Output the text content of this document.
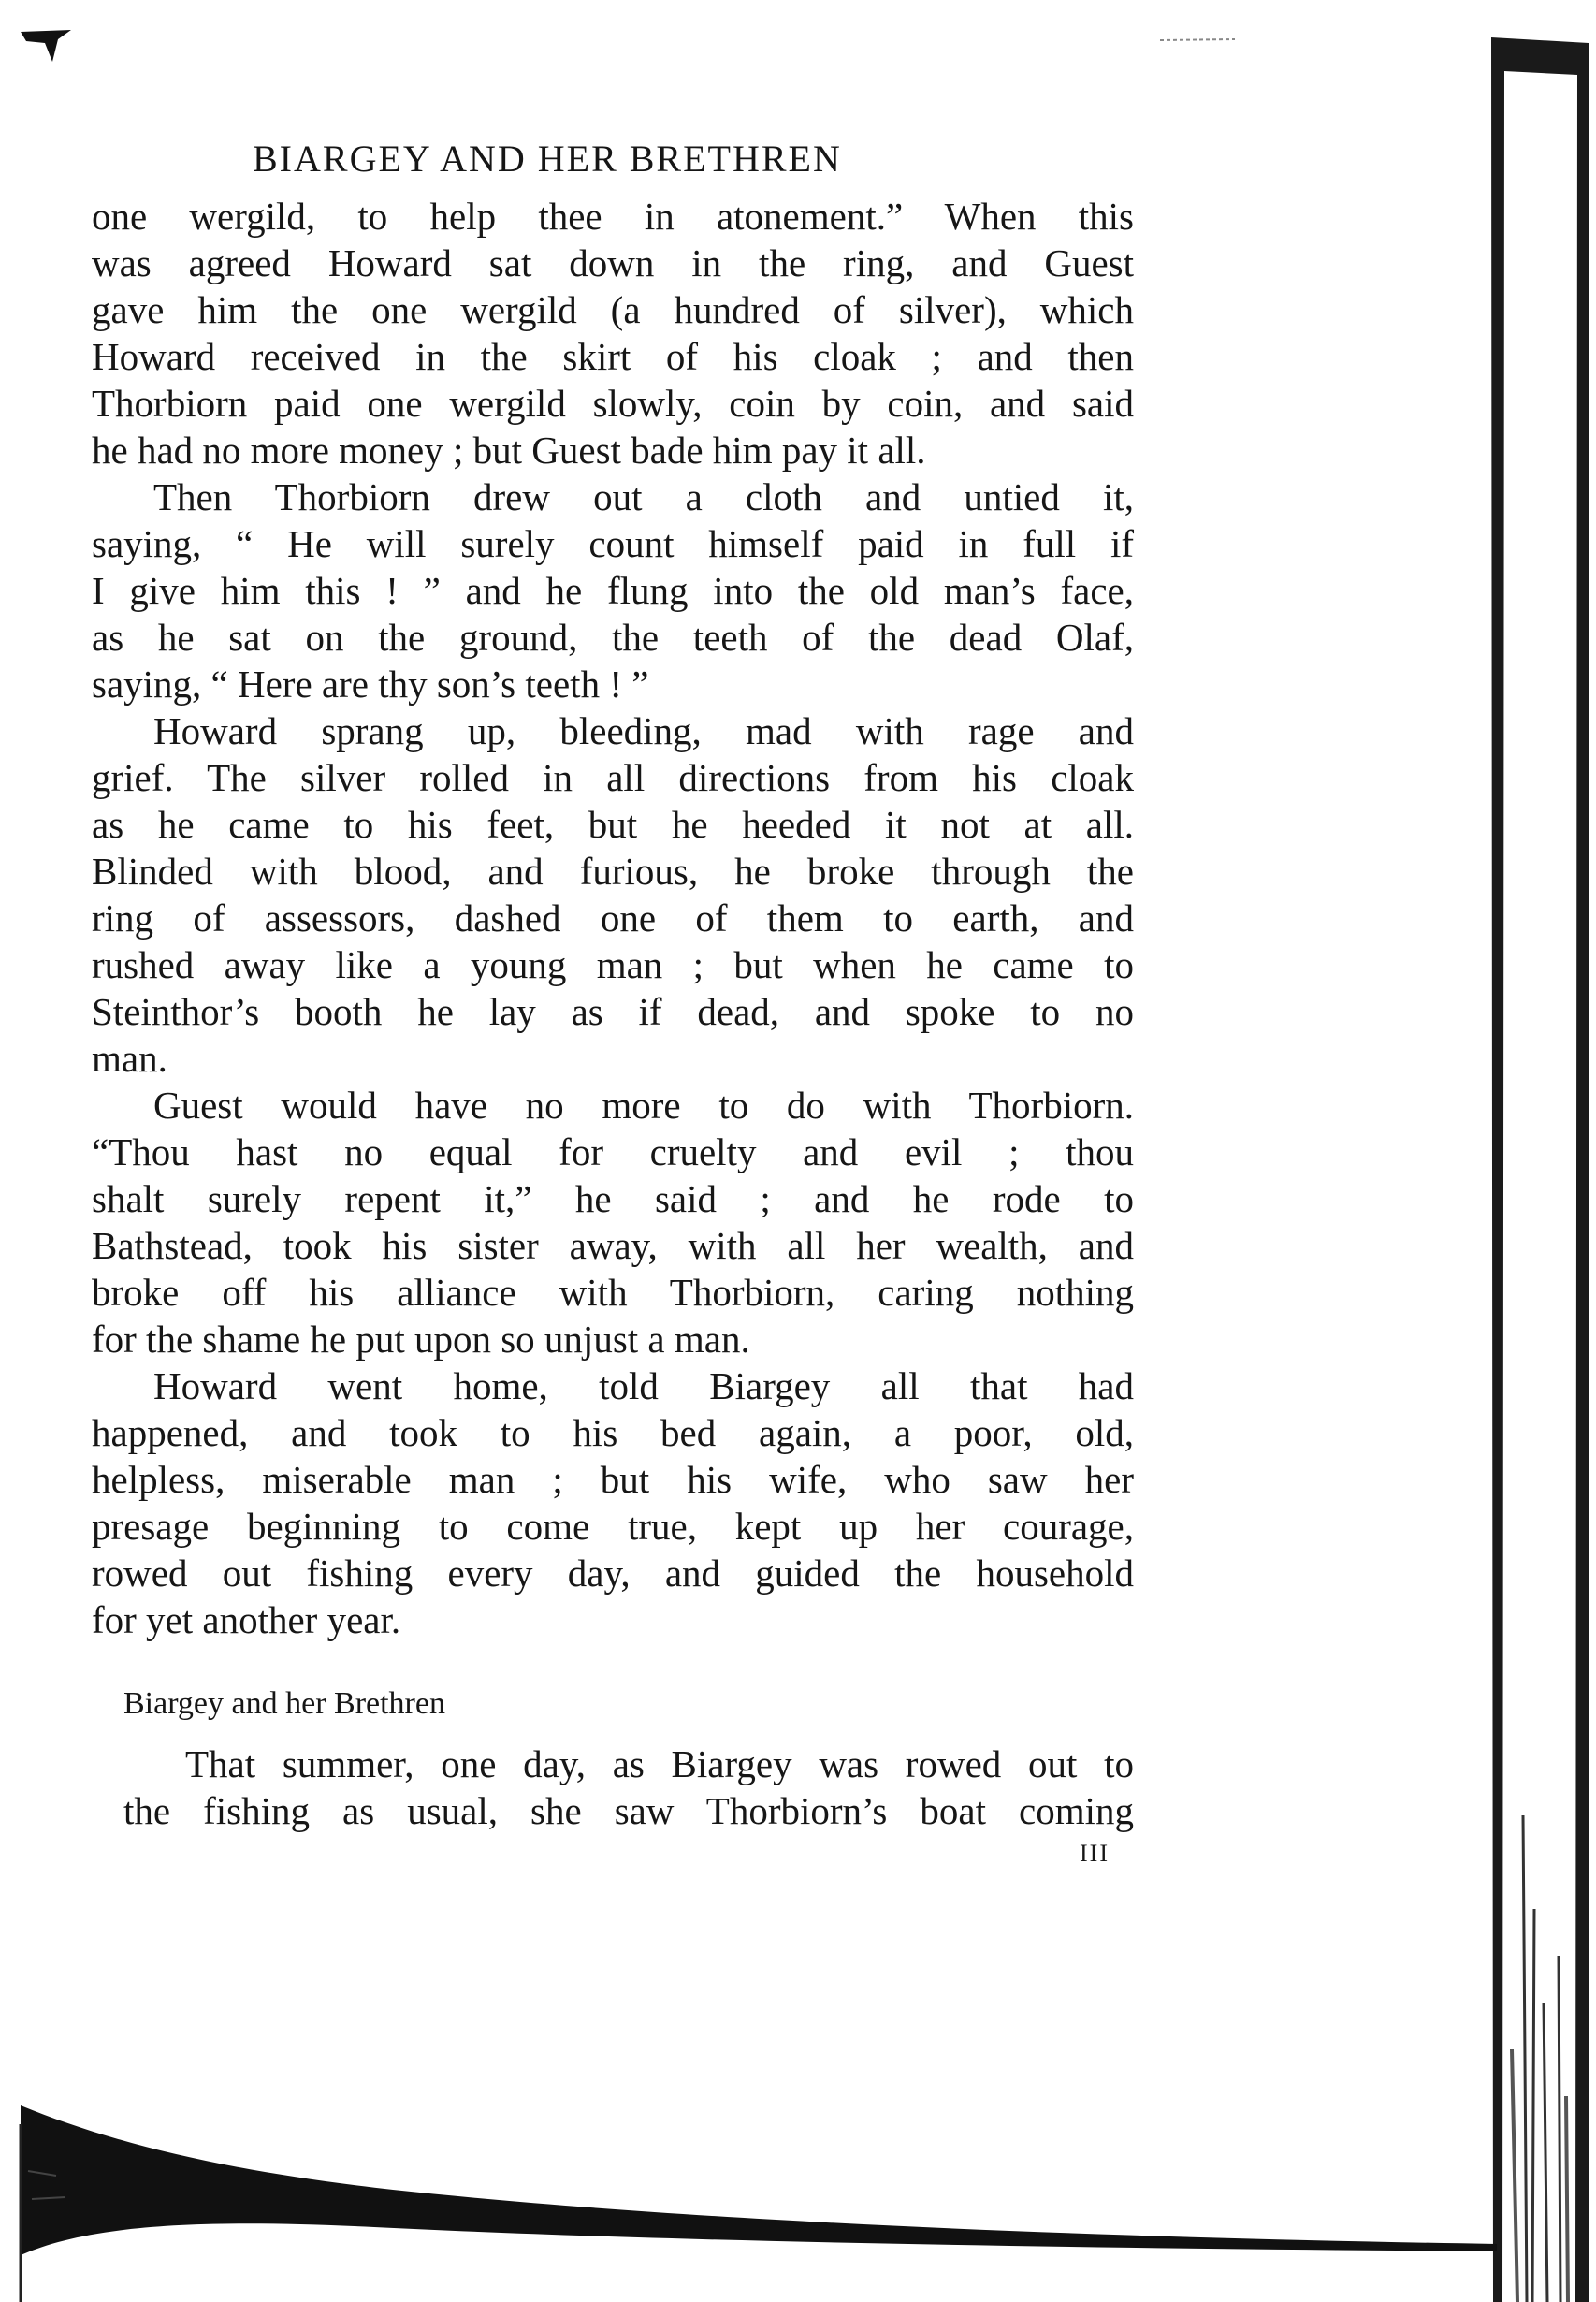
BIARGEY AND HER BRETHREN
one wergild, to help thee in atonement.” When this
was agreed Howard sat down in the ring, and Guest
gave him the one wergild (a hundred of silver), which
Howard received in the skirt of his cloak ; and then
Thorbiorn paid one wergild slowly, coin by coin, and said
he had no more money ; but Guest bade him pay it all.
Then Thorbiorn drew out a cloth and untied it,
saying, “ He will surely count himself paid in full if
I give him this ! ” and he flung into the old man’s face,
as he sat on the ground, the teeth of the dead Olaf,
saying, “ Here are thy son’s teeth ! ”
Howard sprang up, bleeding, mad with rage and
grief. The silver rolled in all directions from his cloak
as he came to his feet, but he heeded it not at all.
Blinded with blood, and furious, he broke through the
ring of assessors, dashed one of them to earth, and
rushed away like a young man ; but when he came to
Steinthor’s booth he lay as if dead, and spoke to no
man.
Guest would have no more to do with Thorbiorn.
“Thou hast no equal for cruelty and evil ; thou
shalt surely repent it,” he said ; and he rode to
Bathstead, took his sister away, with all her wealth, and
broke off his alliance with Thorbiorn, caring nothing
for the shame he put upon so unjust a man.
Howard went home, told Biargey all that had
happened, and took to his bed again, a poor, old,
helpless, miserable man ; but his wife, who saw her
presage beginning to come true, kept up her courage,
rowed out fishing every day, and guided the household
for yet another year.
Biargey and her Brethren
That summer, one day, as Biargey was rowed out to
the fishing as usual, she saw Thorbiorn’s boat coming
III
